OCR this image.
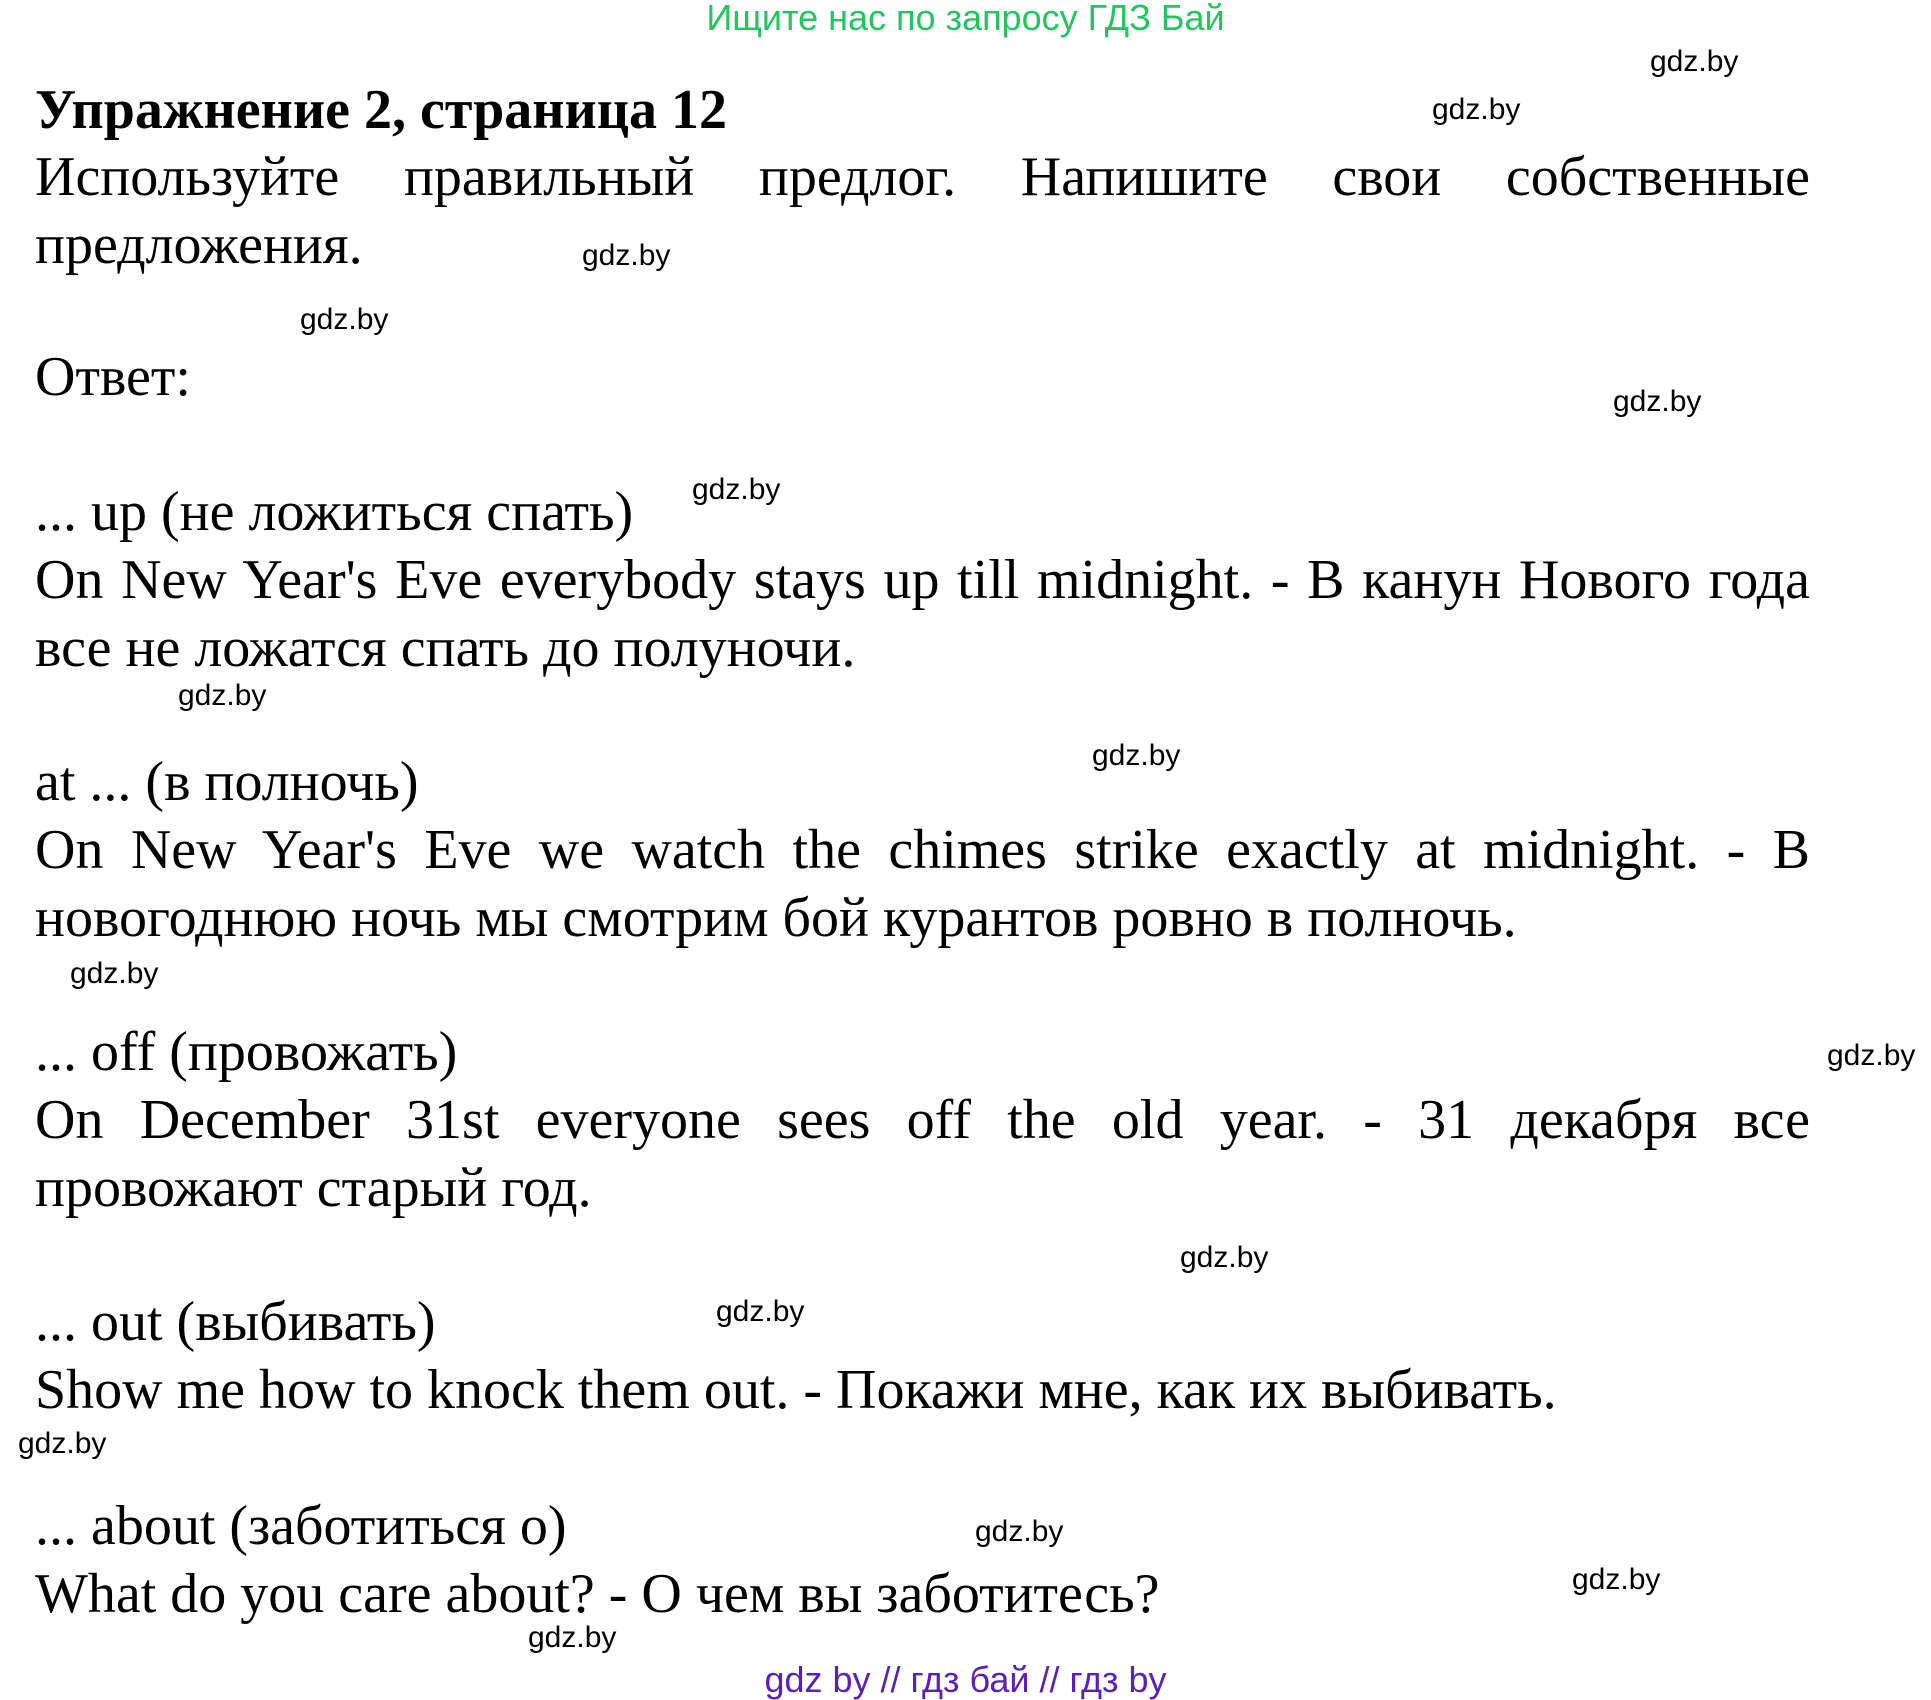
Ищите нас по запросу ГДЗ Бай
Упражнение 2, страница 12
Используйте правильный предлог. Напишите свои собственные предложения.
Ответ:
... up (не ложиться спать)
On New Year's Eve everybody stays up till midnight. - В канун Нового года все не ложатся спать до полуночи.
at ... (в полночь)
On New Year's Eve we watch the chimes strike exactly at midnight. - В новогоднюю ночь мы смотрим бой курантов ровно в полночь.
... off (провожать)
On December 31st everyone sees off the old year. - 31 декабря все провожают старый год.
... out (выбивать)
Show me how to knock them out. - Покажи мне, как их выбивать.
... about (заботиться о)
What do you care about? - О чем вы заботитесь?
gdz.by
gdz.by
gdz.by
gdz.by
gdz.by
gdz.by
gdz.by
gdz.by
gdz.by
gdz.by
gdz.by
gdz.by
gdz.by
gdz.by
gdz.by
gdz.by
gdz by // гдз бай // гдз by
